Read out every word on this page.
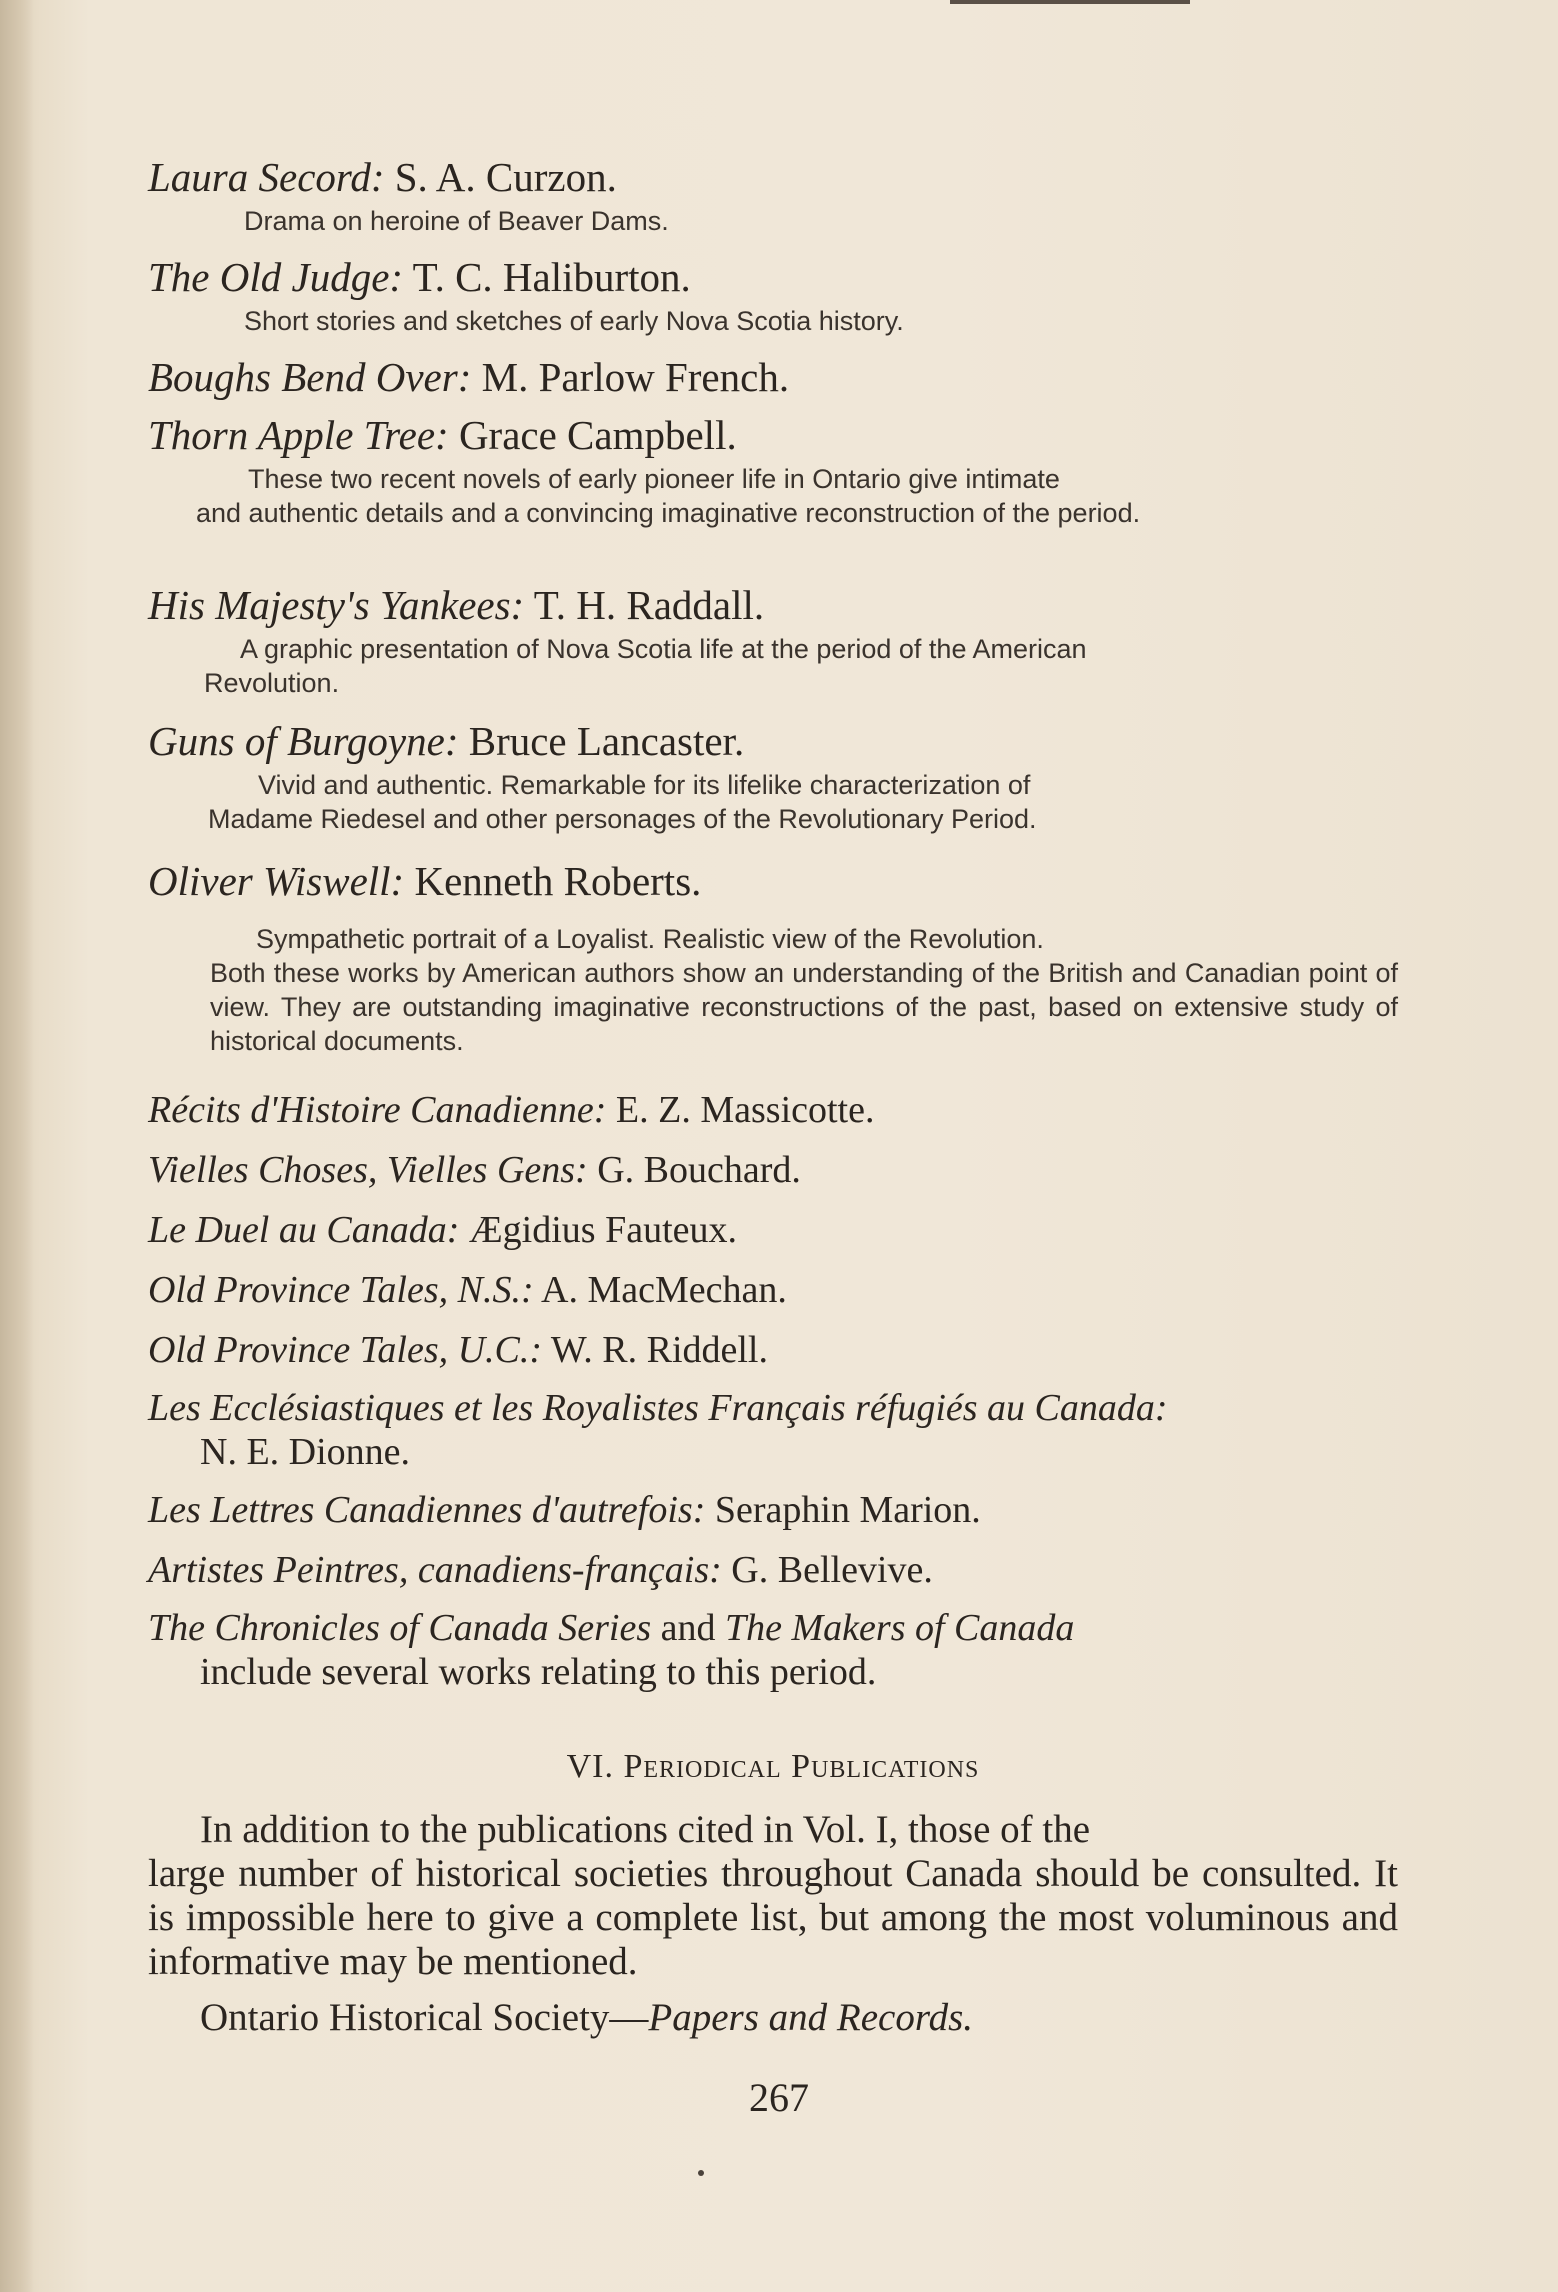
Laura Secord: S. A. Curzon.
Drama on heroine of Beaver Dams.
The Old Judge: T. C. Haliburton.
Short stories and sketches of early Nova Scotia history.
Boughs Bend Over: M. Parlow French.
Thorn Apple Tree: Grace Campbell.
These two recent novels of early pioneer life in Ontario give intimate
and authentic details and a convincing imaginative reconstruction of the period.
His Majesty's Yankees: T. H. Raddall.
A graphic presentation of Nova Scotia life at the period of the American
Revolution.
Guns of Burgoyne: Bruce Lancaster.
Vivid and authentic. Remarkable for its lifelike characterization of
Madame Riedesel and other personages of the Revolutionary Period.
Oliver Wiswell: Kenneth Roberts.
Sympathetic portrait of a Loyalist. Realistic view of the Revolution.
Both these works by American authors show an understanding of the British and Canadian point of view. They are outstanding imaginative reconstructions of the past, based on extensive study of historical documents.
Récits d'Histoire Canadienne: E. Z. Massicotte.
Vielles Choses, Vielles Gens: G. Bouchard.
Le Duel au Canada: Ægidius Fauteux.
Old Province Tales, N.S.: A. MacMechan.
Old Province Tales, U.C.: W. R. Riddell.
Les Ecclésiastiques et les Royalistes Français réfugiés au Canada:
N. E. Dionne.
Les Lettres Canadiennes d'autrefois: Seraphin Marion.
Artistes Peintres, canadiens-français: G. Bellevive.
The Chronicles of Canada Series and The Makers of Canada
include several works relating to this period.
VI. Periodical Publications
In addition to the publications cited in Vol. I, those of the
large number of historical societies throughout Canada should be consulted. It is impossible here to give a complete list, but among the most voluminous and informative may be mentioned.
Ontario Historical Society—Papers and Records.
267
